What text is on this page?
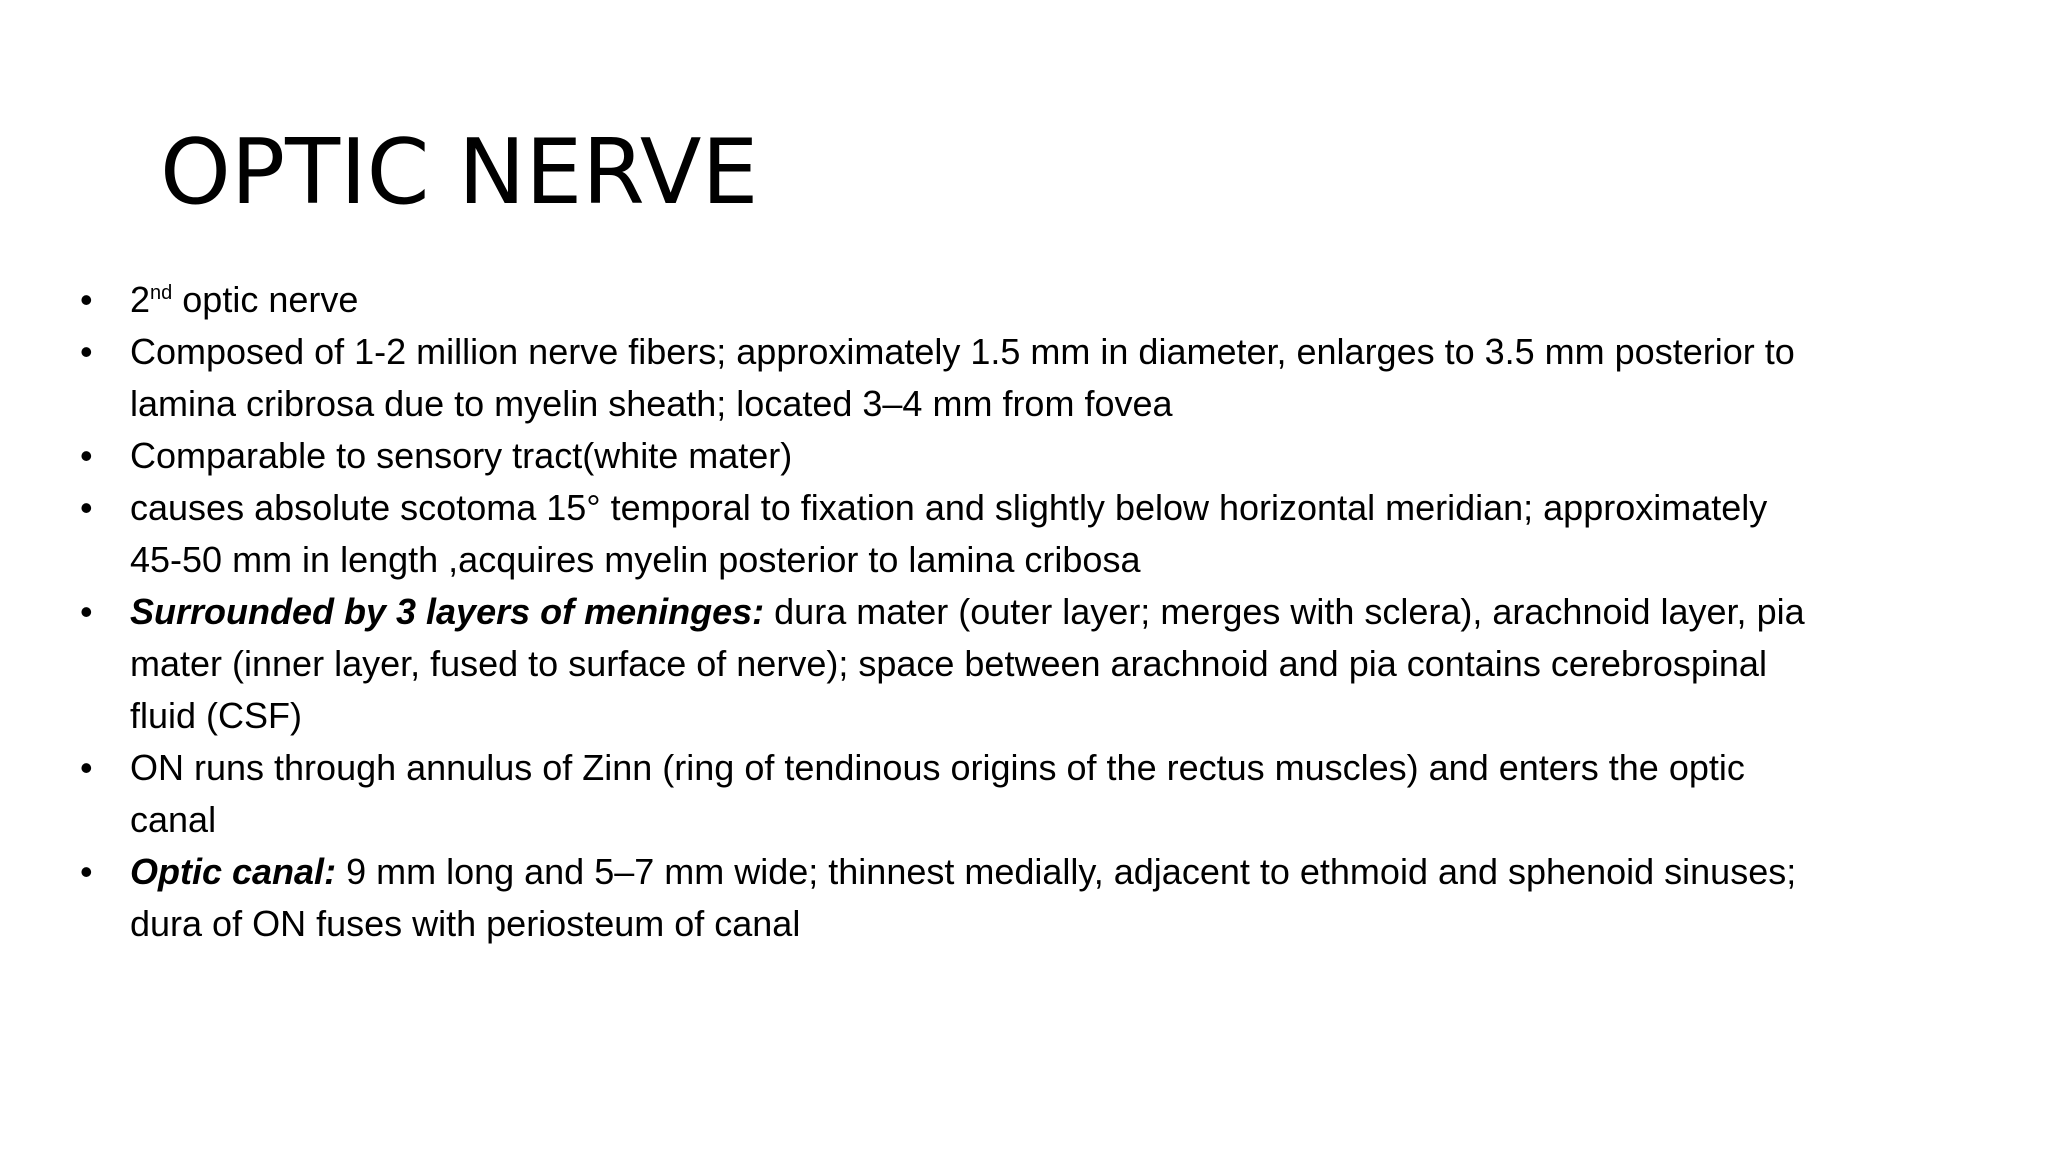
OPTIC NERVE
•	2nd optic nerve
•	Composed of 1-2 million nerve fibers; approximately 1.5 mm in diameter, enlarges to 3.5 mm posterior to lamina cribrosa due to myelin sheath; located 3–4 mm from fovea
•	Comparable to sensory tract(white mater)
•	causes absolute scotoma 15° temporal to fixation and slightly below horizontal meridian; approximately 45-50 mm in length ,acquires myelin posterior to lamina cribosa
•	Surrounded by 3 layers of meninges: dura mater (outer layer; merges with sclera), arachnoid layer, pia mater (inner layer, fused to surface of nerve); space between arachnoid and pia contains cerebrospinal fluid (CSF)
•	ON runs through annulus of Zinn (ring of tendinous origins of the rectus muscles) and enters the optic canal
•	Optic canal: 9 mm long and 5–7 mm wide; thinnest medially, adjacent to ethmoid and sphenoid sinuses; dura of ON fuses with periosteum of canal
